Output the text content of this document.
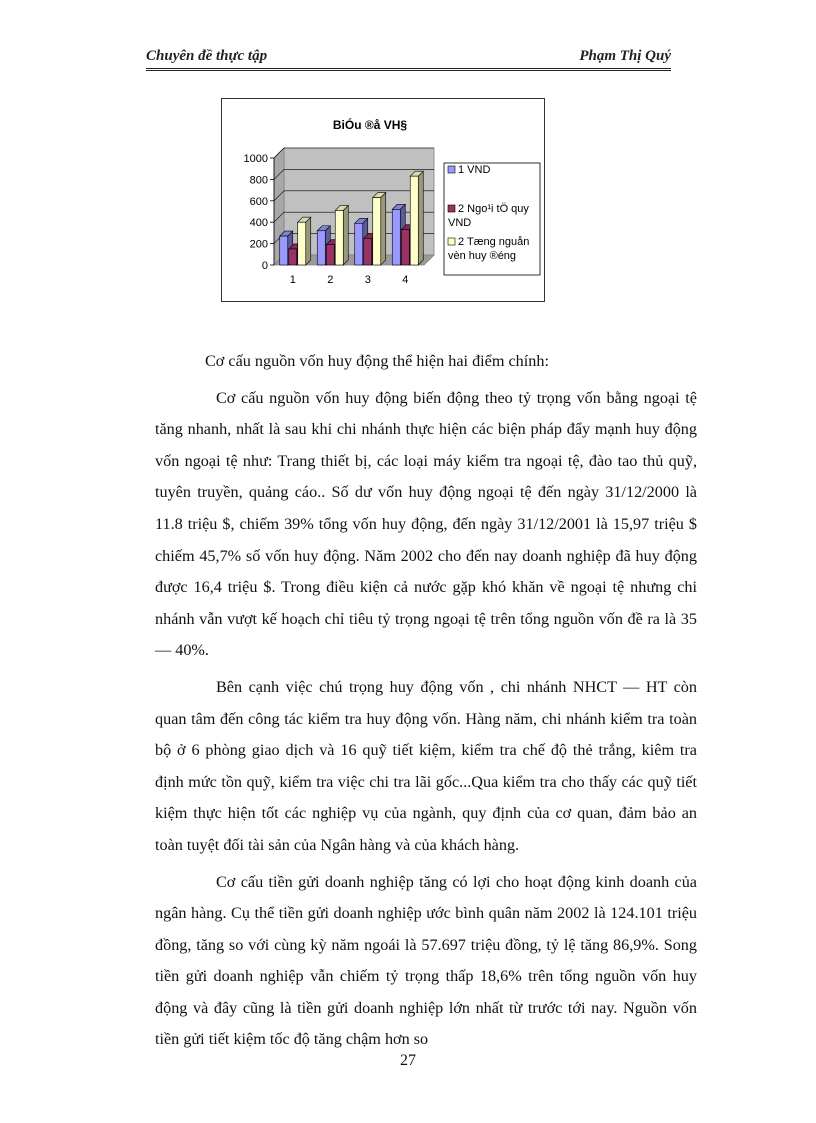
Chuyên đề thực tập	Phạm Thị Quý
BiÓu ®å VH§
1000
800
600
400
200
0
1	2	3	4
1 VND
2 Ngo¹i tÖ quy VND
2 Tæng nguån vèn huy ®éng

Cơ cấu nguồn vốn huy động thể hiện hai điểm chính:

Cơ cấu nguồn vốn huy động biến động theo tỷ trọng vốn bằng ngoại tệ tăng nhanh, nhất là sau khi chi nhánh thực hiện các biện pháp đẩy mạnh huy động vốn ngoại tệ như: Trang thiết bị, các loại máy kiểm tra ngoại tệ, đào tao thủ quỹ, tuyên truyền, quảng cáo.. Số dư vốn huy động ngoại tệ đến ngày 31/12/2000 là 11.8 triệu $, chiếm 39% tổng vốn huy động, đến ngày 31/12/2001 là 15,97 triệu $ chiếm 45,7% số vốn huy động. Năm 2002 cho đến nay doanh nghiệp đã huy động được 16,4 triệu $. Trong điều kiện cả nước gặp khó khăn về ngoại tệ nhưng chi nhánh vẫn vượt kế hoạch chỉ tiêu tỷ trọng ngoại tệ trên tổng nguồn vốn đề ra là 35 — 40%.

Bên cạnh việc chú trọng huy động vốn , chi nhánh NHCT — HT còn quan tâm đến công tác kiểm tra huy động vốn. Hàng năm, chi nhánh kiểm tra toàn bộ ở 6 phòng giao dịch và 16 quỹ tiết kiệm, kiểm tra chế độ thẻ trắng, kiêm tra định mức tồn quỹ, kiểm tra việc chi tra lãi gốc...Qua kiểm tra cho thấy các quỹ tiết kiệm thực hiện tốt các nghiệp vụ của ngành, quy định của cơ quan, đảm bảo an toàn tuyệt đối tài sản của Ngân hàng và của khách hàng.

Cơ cấu tiền gửi doanh nghiệp tăng có lợi cho hoạt động kinh doanh của ngân hàng. Cụ thể tiền gửi doanh nghiệp ước bình quân năm 2002 là 124.101 triệu đồng, tăng so với cùng kỳ năm ngoái là 57.697 triệu đồng, tỷ lệ tăng 86,9%. Song tiền gửi doanh nghiệp vẫn chiếm tỷ trọng thấp 18,6% trên tổng nguồn vốn huy động và đây cũng là tiền gửi doanh nghiệp lớn nhất từ trước tới nay. Nguồn vốn tiền gửi tiết kiệm tốc độ tăng chậm hơn so

27
